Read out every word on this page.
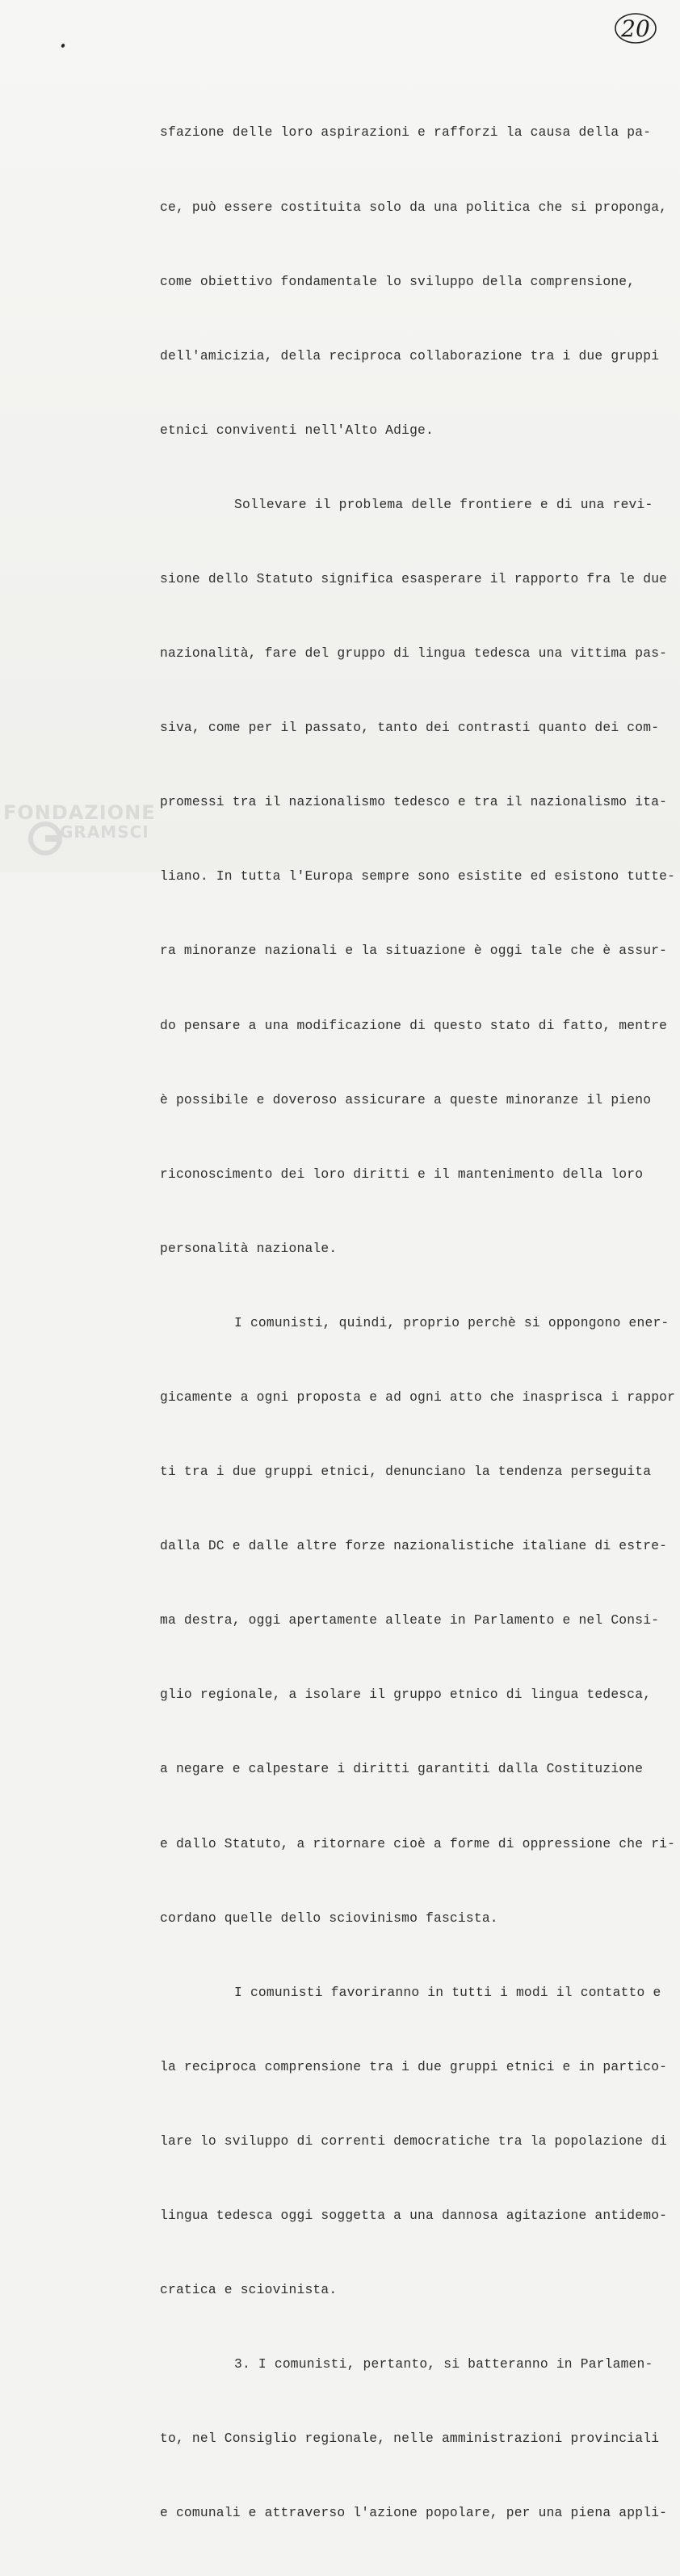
20

sfazione delle loro aspirazioni e rafforzi la causa della pa-

ce, può essere costituita solo da una politica che si proponga,

come obiettivo fondamentale lo sviluppo della comprensione,

dell'amicizia, della reciproca collaborazione tra i due gruppi

etnici conviventi nell'Alto Adige.

Sollevare il problema delle frontiere e di una revi-

sione dello Statuto significa esasperare il rapporto fra le due

nazionalità, fare del gruppo di lingua tedesca una vittima pas-

siva, come per il passato, tanto dei contrasti quanto dei com-

promessi tra il nazionalismo tedesco e tra il nazionalismo ita-

liano. In tutta l'Europa sempre sono esistite ed esistono tutte-

ra minoranze nazionali e la situazione è oggi tale che è assur-

do pensare a una modificazione di questo stato di fatto, mentre

è possibile e doveroso assicurare a queste minoranze il pieno

riconoscimento dei loro diritti e il mantenimento della loro

personalità nazionale.

I comunisti, quindi, proprio perchè si oppongono ener-

gicamente a ogni proposta e ad ogni atto che inasprisca i rappor

ti tra i due gruppi etnici, denunciano la tendenza perseguita

dalla DC e dalle altre forze nazionalistiche italiane di estre-

ma destra, oggi apertamente alleate in Parlamento e nel Consi-

glio regionale, a isolare il gruppo etnico di lingua tedesca,

a negare e calpestare i diritti garantiti dalla Costituzione

e dallo Statuto, a ritornare cioè a forme di oppressione che ri-

cordano quelle dello sciovinismo fascista.

I comunisti favoriranno in tutti i modi il contatto e

la reciproca comprensione tra i due gruppi etnici e in partico-

lare lo sviluppo di correnti democratiche tra la popolazione di

lingua tedesca oggi soggetta a una dannosa agitazione antidemo-

cratica e sciovinista.

3. I comunisti, pertanto, si batteranno in Parlamen-

to, nel Consiglio regionale, nelle amministrazioni provinciali

e comunali e attraverso l'azione popolare, per una piena appli-

FONDAZIONE
GRAMSCI
